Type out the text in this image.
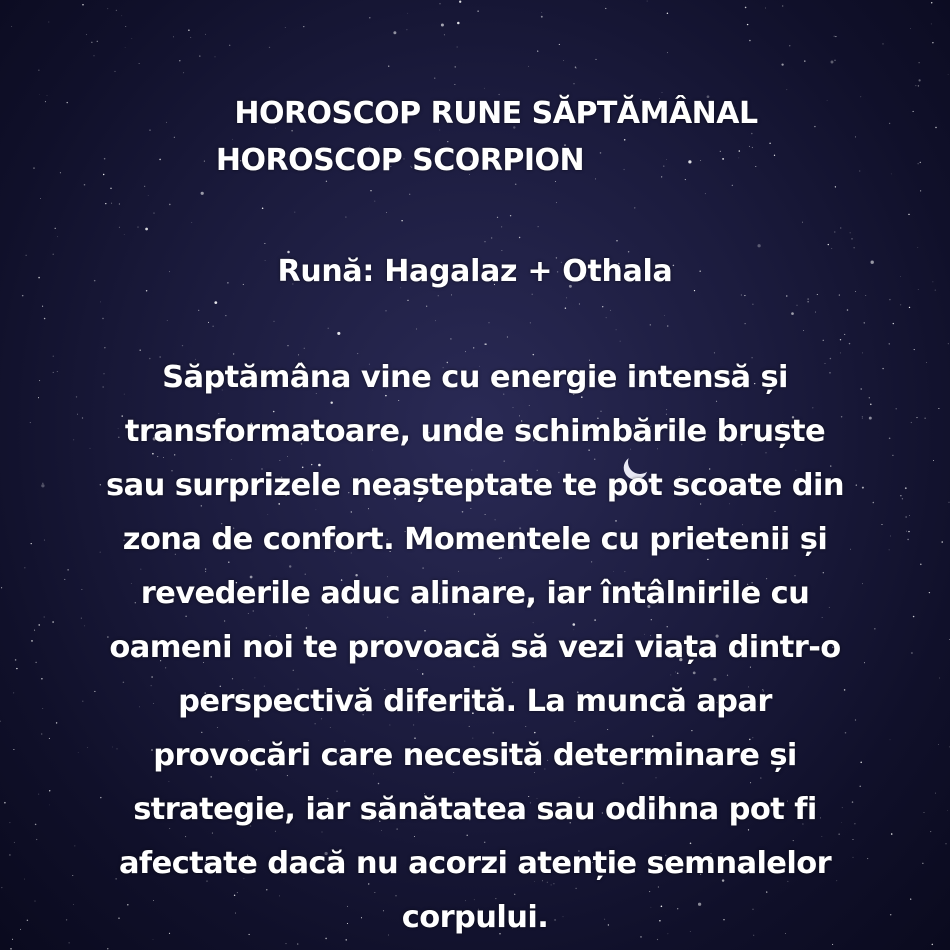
HOROSCOP RUNE SĂPTĂMÂNAL
HOROSCOP SCORPION
Rună: Hagalaz + Othala
Săptămâna vine cu energie intensă și
transformatoare, unde schimbările bruște
sau surprizele neașteptate te pot scoate din
zona de confort. Momentele cu prietenii și
revederile aduc alinare, iar întâlnirile cu
oameni noi te provoacă să vezi viața dintr-o
perspectivă diferită. La muncă apar
provocări care necesită determinare și
strategie, iar sănătatea sau odihna pot fi
afectate dacă nu acorzi atenție semnalelor
corpului.
